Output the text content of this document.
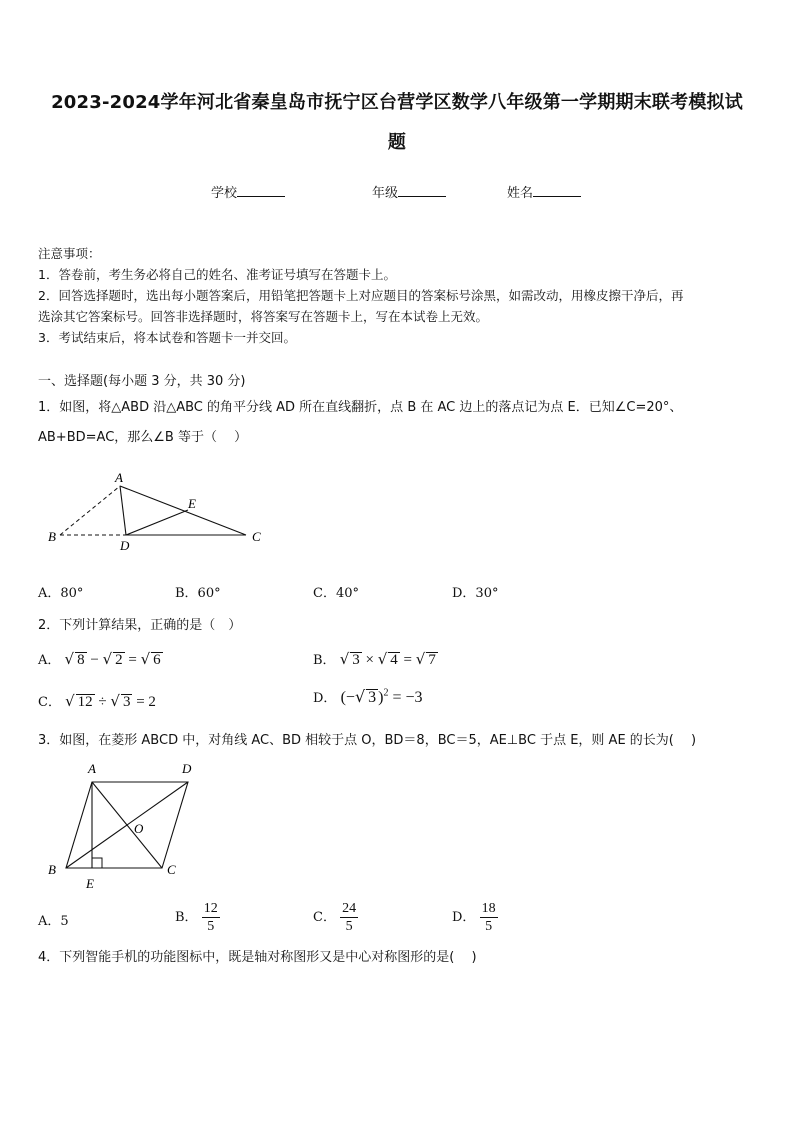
2023-2024学年河北省秦皇岛市抚宁区台营学区数学八年级第一学期期末联考模拟试
题
学校	年级	姓名
注意事项：
1．答卷前，考生务必将自己的姓名、准考证号填写在答题卡上。
2．回答选择题时，选出每小题答案后，用铅笔把答题卡上对应题目的答案标号涂黑，如需改动，用橡皮擦干净后，再
选涂其它答案标号。回答非选择题时，将答案写在答题卡上，写在本试卷上无效。
3．考试结束后，将本试卷和答题卡一并交回。
一、选择题(每小题 3 分，共 30 分)
1．如图，将△ABD 沿△ABC 的角平分线 AD 所在直线翻折，点 B 在 AC 边上的落点记为点 E．已知∠C=20°、
AB+BD=AC，那么∠B 等于（　 ）
A
E
B
D
C
A．80°	B．60°	C．40°	D．30°
2．下列计算结果，正确的是（　）
A． √ 8 − √ 2 = √ 6	B． √ 3 × √ 4 = √ 7
C． √ 12 ÷ √ 3 = 2	D． (−√ 3 )$^2$ = −3
3．如图，在菱形 ABCD 中，对角线 AC、BD 相较于点 O，BD＝8，BC＝5，AE⊥BC 于点 E，则 AE 的长为(　 )
A	D
O
B	C
E
A．5	B． $\frac{12}{5}$	C． $\frac{24}{5}$	D． $\frac{18}{5}$
4．下列智能手机的功能图标中，既是轴对称图形又是中心对称图形的是(　 )
